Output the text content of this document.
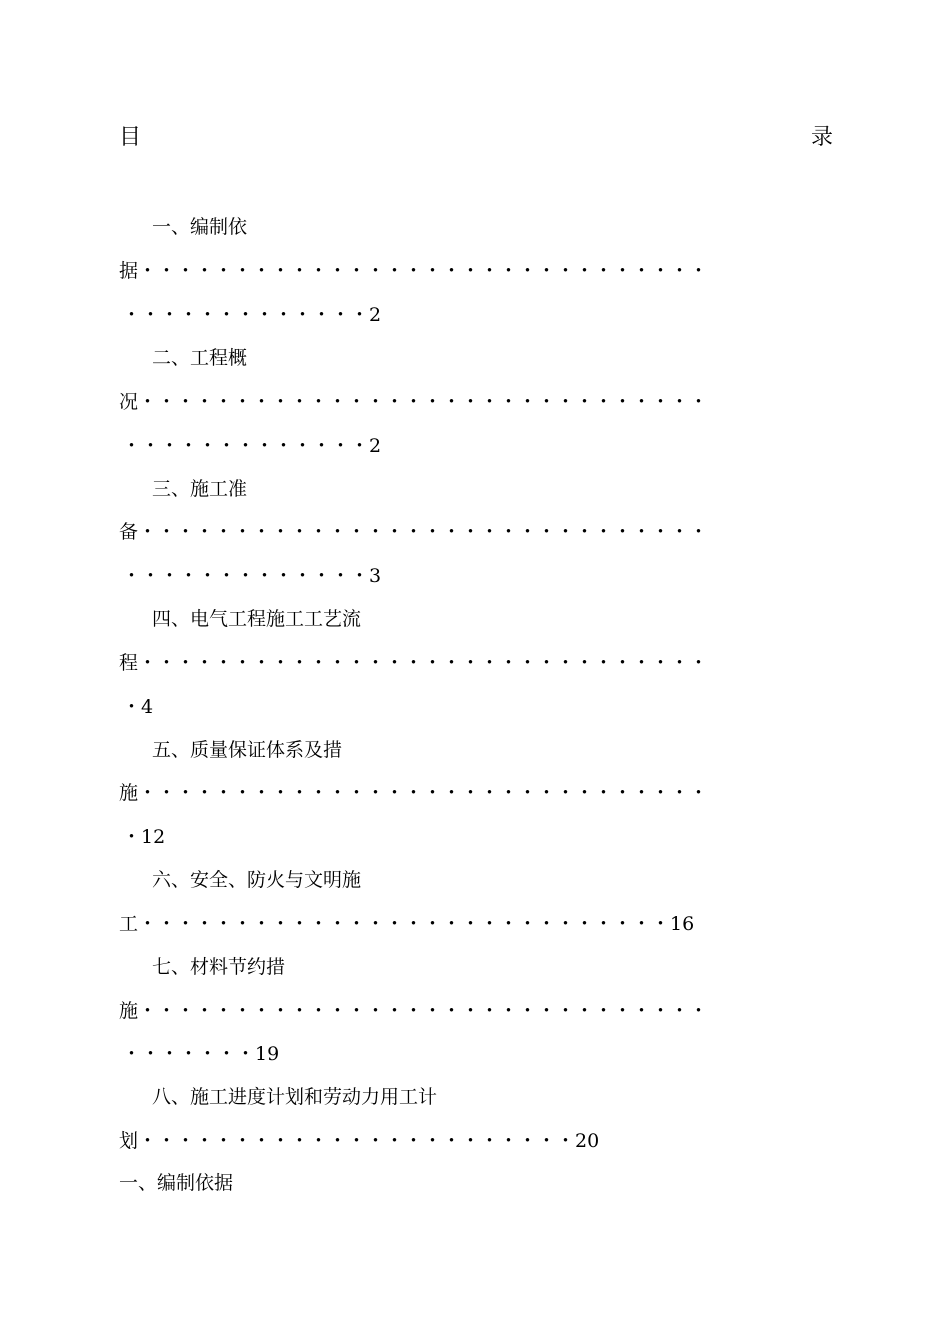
目	录
一、编制依
据・・・・・・・・・・・・・・・・・・・・・・・・・・・・・・
・・・・・・・・・・・・・2
二、工程概
况・・・・・・・・・・・・・・・・・・・・・・・・・・・・・・
・・・・・・・・・・・・・2
三、施工准
备・・・・・・・・・・・・・・・・・・・・・・・・・・・・・・
・・・・・・・・・・・・・3
四、电气工程施工工艺流
程・・・・・・・・・・・・・・・・・・・・・・・・・・・・・・
・4
五、质量保证体系及措
施・・・・・・・・・・・・・・・・・・・・・・・・・・・・・・
・12
六、安全、防火与文明施
工・・・・・・・・・・・・・・・・・・・・・・・・・・・・16
七、材料节约措
施・・・・・・・・・・・・・・・・・・・・・・・・・・・・・・
・・・・・・・19
八、施工进度计划和劳动力用工计
划・・・・・・・・・・・・・・・・・・・・・・・20
一、编制依据
